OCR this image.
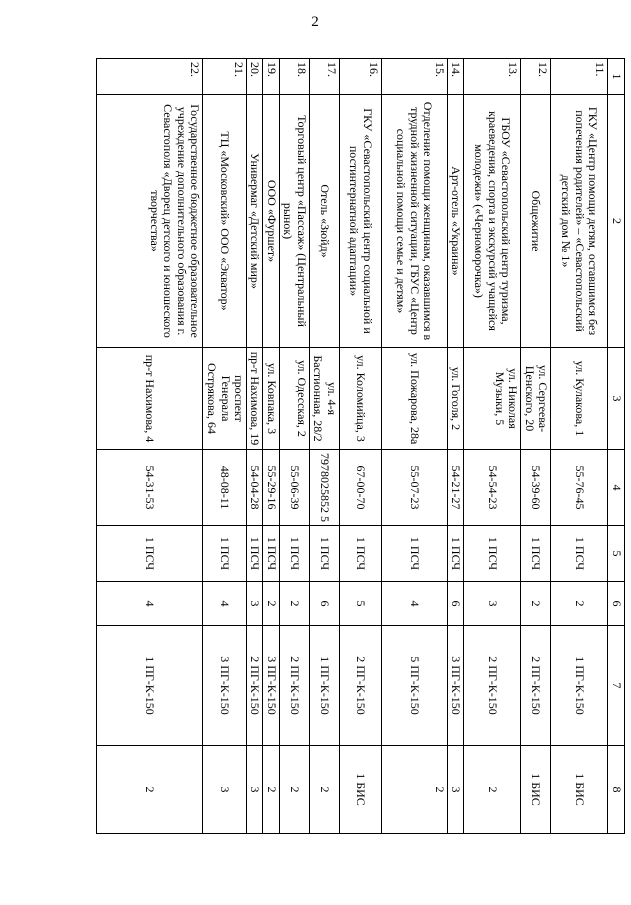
2
1	2	3	4	5	6	7	8
11.	ГКУ «Центр помощи детям, оставшимся без попечения родителей» – «Севастопольский детский дом № 1»	ул. Кулакова, 1	55-76-45	1 ПСЧ	2	1 ПГ-К-150	1 БИС
12.	Общежитие	ул. Сергеева-Ценского, 20	54-39-60	1 ПСЧ	2	2 ПГ-К-150	1 БИС
13.	ГБОУ «Севастопольский центр туризма, краеведения, спорта и экскурсий учащейся молодежи» («Черноморочка»)	ул. Николая Музыки, 5	54-54-23	1 ПСЧ	3	2 ПГ-К-150	2
14.	Арт-отель «Украина»	ул. Гоголя, 2	54-21-27	1 ПСЧ	6	3 ПГ-К-150	3
15.	Отделение помощи женщинам, оказавшимся в трудной жизненной ситуации, ГБУС «Центр социальной помощи семье и детям»	ул. Пожарова, 28а	55-07-23	1 ПСЧ	4	5 ПГ-К-150	2
16.	ГКУ «Севастопольский центр социальной и постинтернатной адаптации»	ул. Коломийца, 3	67-00-70	1 ПСЧ	5	2 ПГ-К-150	1 БИС
17.	Отель «Зюйд»	ул. 4-я Бастионная, 28/2	7978025852 5	1 ПСЧ	6	1 ПГ-К-150	2
18.	Торговый центр «Пассаж» (Центральный рынок)	ул. Одесская, 2	55-06-39	1 ПСЧ	2	2 ПГ-К-150	2
19.	ООО «Фуршет»	ул. Ковпака, 3	55-29-16	1 ПСЧ	2	3 ПГ-К-150	2
20.	Универмаг «Детский мир»	пр-т Нахимова, 19	54-04-28	1 ПСЧ	3	2 ПГ-К-150	3
21.	ТЦ «Московский» ООО «Экватор»	проспект Генерала Острякова, 64	48-08-11	1 ПСЧ	4	3 ПГ-К-150	3
22.	Государственное бюджетное образовательное учреждение дополнительного образования г. Севастополя «Дворец детского и юношеского творчества»	пр-т Нахимова, 4	54-31-53	1 ПСЧ	4	1 ПГ-К-150	2
